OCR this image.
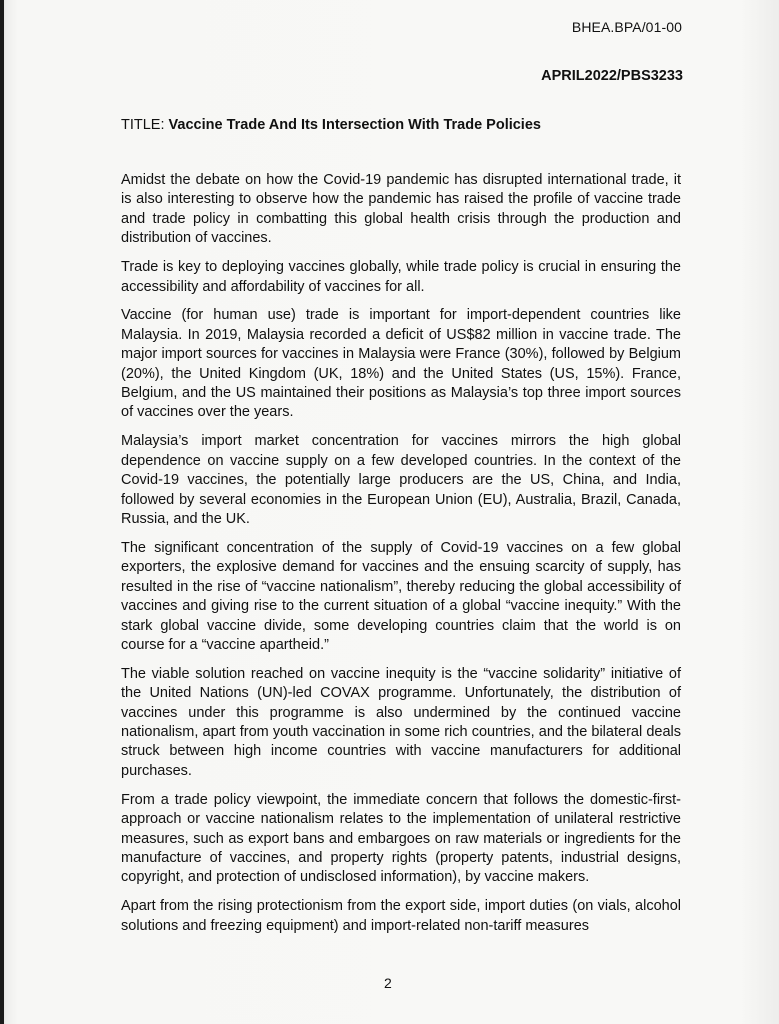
BHEA.BPA/01-00
APRIL2022/PBS3233
TITLE: Vaccine Trade And Its Intersection With Trade Policies

Amidst the debate on how the Covid-19 pandemic has disrupted international trade, it is also interesting to observe how the pandemic has raised the profile of vaccine trade and trade policy in combatting this global health crisis through the production and distribution of vaccines.

Trade is key to deploying vaccines globally, while trade policy is crucial in ensuring the accessibility and affordability of vaccines for all.

Vaccine (for human use) trade is important for import-dependent countries like Malaysia. In 2019, Malaysia recorded a deficit of US$82 million in vaccine trade. The major import sources for vaccines in Malaysia were France (30%), followed by Belgium (20%), the United Kingdom (UK, 18%) and the United States (US, 15%). France, Belgium, and the US maintained their positions as Malaysia’s top three import sources of vaccines over the years.

Malaysia’s import market concentration for vaccines mirrors the high global dependence on vaccine supply on a few developed countries. In the context of the Covid-19 vaccines, the potentially large producers are the US, China, and India, followed by several economies in the European Union (EU), Australia, Brazil, Canada, Russia, and the UK.

The significant concentration of the supply of Covid-19 vaccines on a few global exporters, the explosive demand for vaccines and the ensuing scarcity of supply, has resulted in the rise of “vaccine nationalism”, thereby reducing the global accessibility of vaccines and giving rise to the current situation of a global “vaccine inequity.” With the stark global vaccine divide, some developing countries claim that the world is on course for a “vaccine apartheid.”

The viable solution reached on vaccine inequity is the “vaccine solidarity” initiative of the United Nations (UN)-led COVAX programme. Unfortunately, the distribution of vaccines under this programme is also undermined by the continued vaccine nationalism, apart from youth vaccination in some rich countries, and the bilateral deals struck between high income countries with vaccine manufacturers for additional purchases.

From a trade policy viewpoint, the immediate concern that follows the domestic-first-approach or vaccine nationalism relates to the implementation of unilateral restrictive measures, such as export bans and embargoes on raw materials or ingredients for the manufacture of vaccines, and property rights (property patents, industrial designs, copyright, and protection of undisclosed information), by vaccine makers.

Apart from the rising protectionism from the export side, import duties (on vials, alcohol solutions and freezing equipment) and import-related non-tariff measures

2
